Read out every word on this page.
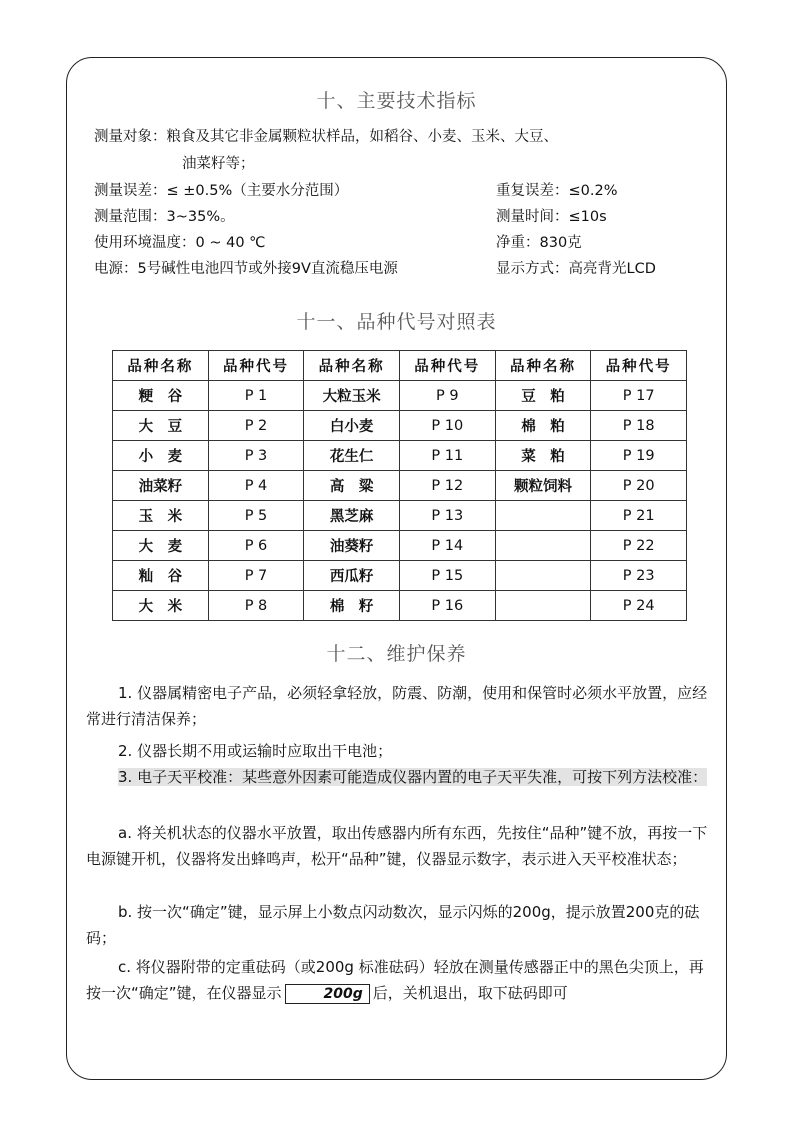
十、主要技术指标
测量对象：粮食及其它非金属颗粒状样品，如稻谷、小麦、玉米、大豆、
油菜籽等；
测量误差：≤ ±0.5%（主要水分范围）	重复误差：≤0.2%
测量范围：3~35%。	测量时间：≤10s
使用环境温度：0 ~ 40 ℃	净重：830克
电源：5号碱性电池四节或外接9V直流稳压电源	显示方式：高亮背光LCD
十一、品种代号对照表
品种名称	品种代号	品种名称	品种代号	品种名称	品种代号
粳　谷	P 1	大粒玉米	P 9	豆　粕	P 17
大　豆	P 2	白小麦	P 10	棉　粕	P 18
小　麦	P 3	花生仁	P 11	菜　粕	P 19
油菜籽	P 4	高　粱	P 12	颗粒饲料	P 20
玉　米	P 5	黑芝麻	P 13		P 21
大　麦	P 6	油葵籽	P 14		P 22
籼　谷	P 7	西瓜籽	P 15		P 23
大　米	P 8	棉　籽	P 16		P 24
十二、维护保养
1. 仪器属精密电子产品，必须轻拿轻放，防震、防潮，使用和保管时必须水平放置，应经常进行清洁保养；
2. 仪器长期不用或运输时应取出干电池；
3. 电子天平校准：某些意外因素可能造成仪器内置的电子天平失准，可按下列方法校准：
a. 将关机状态的仪器水平放置，取出传感器内所有东西，先按住“品种”键不放，再按一下电源键开机，仪器将发出蜂鸣声，松开“品种”键，仪器显示数字，表示进入天平校准状态；
b. 按一次“确定”键，显示屏上小数点闪动数次，显示闪烁的200g，提示放置200克的砝码；
c. 将仪器附带的定重砝码（或200g 标准砝码）轻放在测量传感器正中的黑色尖顶上，再按一次“确定”键，在仪器显示	200g 后，关机退出，取下砝码即可
